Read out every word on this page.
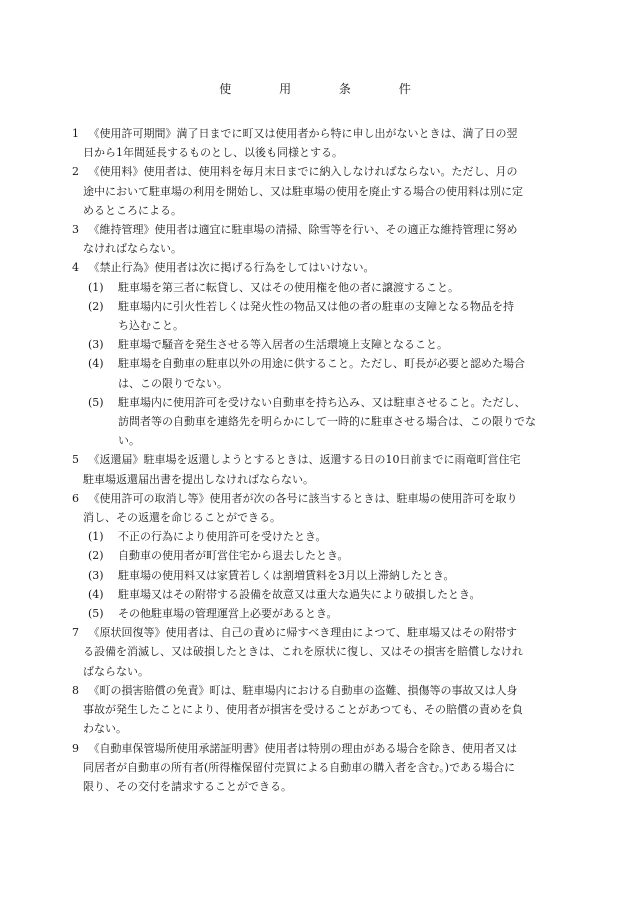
使	用	条	件
1 　《使用許可期間》満了日までに町又は使用者から特に申し出がないときは、満了日の翌
日から1年間延長するものとし、以後も同様とする。
2 　《使用料》使用者は、使用料を毎月末日までに納入しなければならない。ただし、月の
途中において駐車場の利用を開始し、又は駐車場の使用を廃止する場合の使用料は別に定
めるところによる。
3 　《維持管理》使用者は適宜に駐車場の清掃、除雪等を行い、その適正な維持管理に努め
なければならない。
4 　《禁止行為》使用者は次に掲げる行為をしてはいけない。
(1) 　駐車場を第三者に転貸し、又はその使用権を他の者に譲渡すること。
(2) 　駐車場内に引火性若しくは発火性の物品又は他の者の駐車の支障となる物品を持
　ち込むこと。
(3) 　駐車場で騒音を発生させる等入居者の生活環境上支障となること。
(4) 　駐車場を自動車の駐車以外の用途に供すること。ただし、町長が必要と認めた場合
　は、この限りでない。
(5) 　駐車場内に使用許可を受けない自動車を持ち込み、又は駐車させること。ただし、
　訪問者等の自動車を連絡先を明らかにして一時的に駐車させる場合は、この限りでな
　い。
5 　《返還届》駐車場を返還しようとするときは、返還する日の10日前までに雨竜町営住宅
駐車場返還届出書を提出しなければならない。
6 　《使用許可の取消し等》使用者が次の各号に該当するときは、駐車場の使用許可を取り
消し、その返還を命じることができる。
(1) 　不正の行為により使用許可を受けたとき。
(2) 　自動車の使用者が町営住宅から退去したとき。
(3) 　駐車場の使用料又は家賃若しくは割増賃料を3月以上滞納したとき。
(4) 　駐車場又はその附帯する設備を故意又は重大な過失により破損したとき。
(5) 　その他駐車場の管理運営上必要があるとき。
7 　《原状回復等》使用者は、自己の責めに帰すべき理由によつて、駐車場又はその附帯す
る設備を消滅し、又は破損したときは、これを原状に復し、又はその損害を賠償しなけれ
ばならない。
8 　《町の損害賠償の免責》町は、駐車場内における自動車の盗難、損傷等の事故又は人身
事故が発生したことにより、使用者が損害を受けることがあつても、その賠償の責めを負
わない。
9 　《自動車保管場所使用承諾証明書》使用者は特別の理由がある場合を除き、使用者又は
同居者が自動車の所有者(所得権保留付売買による自動車の購入者を含む。)である場合に
限り、その交付を請求することができる。
